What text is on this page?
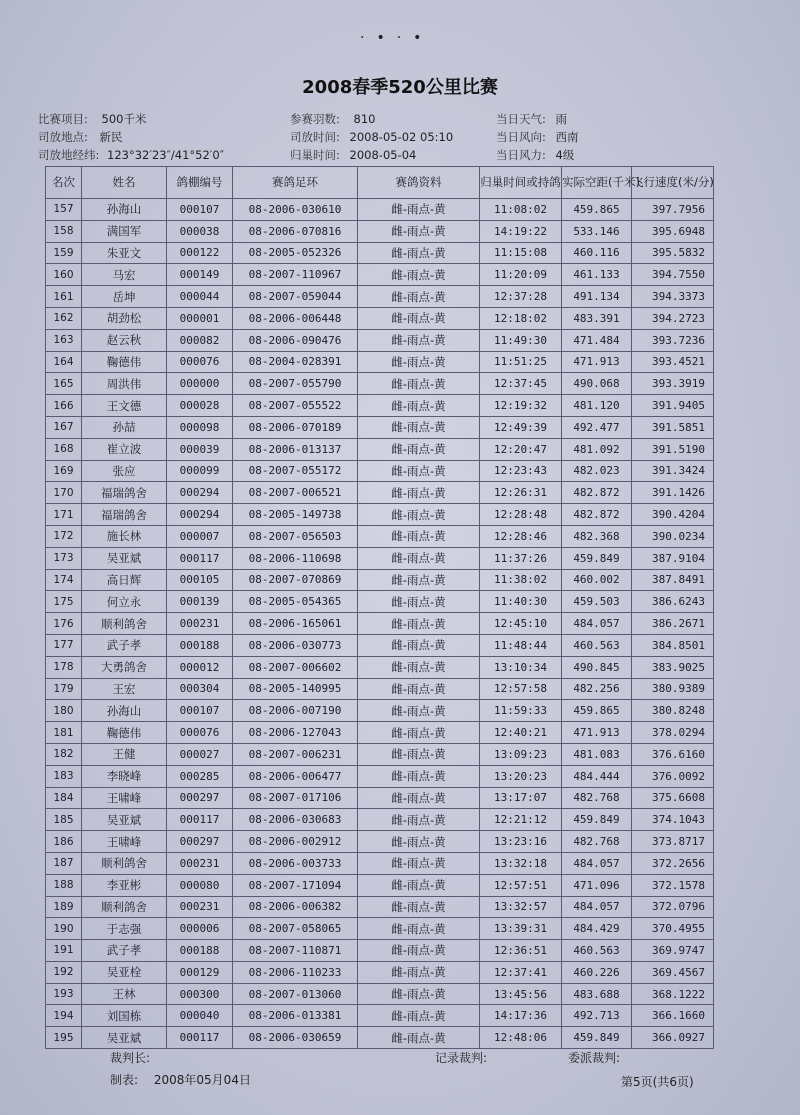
·•·•
2008春季520公里比赛
比赛项目: 500千米
司放地点: 新民
司放地经纬: 123°32′23″/41°52′0″
参赛羽数: 810
司放时间: 2008-05-02 05:10
归巢时间: 2008-05-04
当日天气: 雨
当日风向: 西南
当日风力: 4级
名次	姓名	鸽棚编号	赛鸽足环	赛鸽资料	归巢时间或持鸽	实际空距(千米)	飞行速度(米/分)
157	孙海山	000107	08-2006-030610	雌-雨点-黄	11:08:02	459.865	397.7956
158	满国军	000038	08-2006-070816	雌-雨点-黄	14:19:22	533.146	395.6948
159	朱亚文	000122	08-2005-052326	雌-雨点-黄	11:15:08	460.116	395.5832
160	马宏	000149	08-2007-110967	雌-雨点-黄	11:20:09	461.133	394.7550
161	岳坤	000044	08-2007-059044	雌-雨点-黄	12:37:28	491.134	394.3373
162	胡劲松	000001	08-2006-006448	雌-雨点-黄	12:18:02	483.391	394.2723
163	赵云秋	000082	08-2006-090476	雌-雨点-黄	11:49:30	471.484	393.7236
164	鞠德伟	000076	08-2004-028391	雌-雨点-黄	11:51:25	471.913	393.4521
165	周洪伟	000000	08-2007-055790	雌-雨点-黄	12:37:45	490.068	393.3919
166	王文德	000028	08-2007-055522	雌-雨点-黄	12:19:32	481.120	391.9405
167	孙喆	000098	08-2006-070189	雌-雨点-黄	12:49:39	492.477	391.5851
168	崔立波	000039	08-2006-013137	雌-雨点-黄	12:20:47	481.092	391.5190
169	张应	000099	08-2007-055172	雌-雨点-黄	12:23:43	482.023	391.3424
170	福瑞鸽舍	000294	08-2007-006521	雌-雨点-黄	12:26:31	482.872	391.1426
171	福瑞鸽舍	000294	08-2005-149738	雌-雨点-黄	12:28:48	482.872	390.4204
172	施长林	000007	08-2007-056503	雌-雨点-黄	12:28:46	482.368	390.0234
173	吴亚斌	000117	08-2006-110698	雌-雨点-黄	11:37:26	459.849	387.9104
174	高日辉	000105	08-2007-070869	雌-雨点-黄	11:38:02	460.002	387.8491
175	何立永	000139	08-2005-054365	雌-雨点-黄	11:40:30	459.503	386.6243
176	顺利鸽舍	000231	08-2006-165061	雌-雨点-黄	12:45:10	484.057	386.2671
177	武子孝	000188	08-2006-030773	雌-雨点-黄	11:48:44	460.563	384.8501
178	大勇鸽舍	000012	08-2007-006602	雌-雨点-黄	13:10:34	490.845	383.9025
179	王宏	000304	08-2005-140995	雌-雨点-黄	12:57:58	482.256	380.9389
180	孙海山	000107	08-2006-007190	雌-雨点-黄	11:59:33	459.865	380.8248
181	鞠德伟	000076	08-2006-127043	雌-雨点-黄	12:40:21	471.913	378.0294
182	王健	000027	08-2007-006231	雌-雨点-黄	13:09:23	481.083	376.6160
183	李晓峰	000285	08-2006-006477	雌-雨点-黄	13:20:23	484.444	376.0092
184	王啸峰	000297	08-2007-017106	雌-雨点-黄	13:17:07	482.768	375.6608
185	吴亚斌	000117	08-2006-030683	雌-雨点-黄	12:21:12	459.849	374.1043
186	王啸峰	000297	08-2006-002912	雌-雨点-黄	13:23:16	482.768	373.8717
187	顺利鸽舍	000231	08-2006-003733	雌-雨点-黄	13:32:18	484.057	372.2656
188	李亚彬	000080	08-2007-171094	雌-雨点-黄	12:57:51	471.096	372.1578
189	顺利鸽舍	000231	08-2006-006382	雌-雨点-黄	13:32:57	484.057	372.0796
190	于志强	000006	08-2007-058065	雌-雨点-黄	13:39:31	484.429	370.4955
191	武子孝	000188	08-2007-110871	雌-雨点-黄	12:36:51	460.563	369.9747
192	吴亚栓	000129	08-2006-110233	雌-雨点-黄	12:37:41	460.226	369.4567
193	王林	000300	08-2007-013060	雌-雨点-黄	13:45:56	483.688	368.1222
194	刘国栋	000040	08-2006-013381	雌-雨点-黄	14:17:36	492.713	366.1660
195	吴亚斌	000117	08-2006-030659	雌-雨点-黄	12:48:06	459.849	366.0927
裁判长:	记录裁判:	委派裁判:
制表: 2008年05月04日	第5页(共6页)
